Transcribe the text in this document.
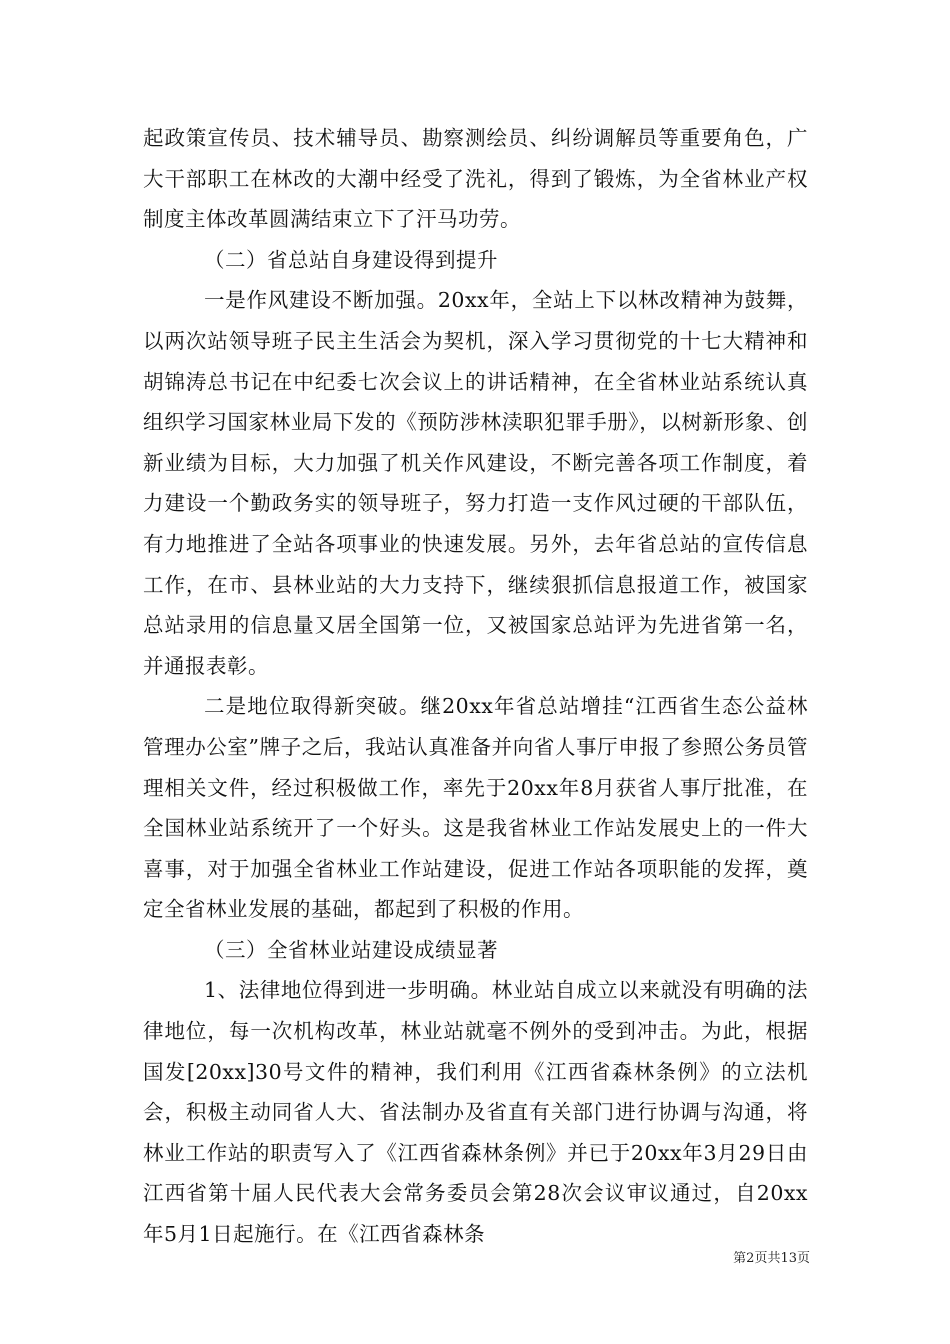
起政策宣传员、技术辅导员、勘察测绘员、纠纷调解员等重要角色，广大干部职工在林改的大潮中经受了洗礼，得到了锻炼，为全省林业产权制度主体改革圆满结束立下了汗马功劳。

（二）省总站自身建设得到提升

一是作风建设不断加强。20xx年，全站上下以林改精神为鼓舞，以两次站领导班子民主生活会为契机，深入学习贯彻党的十七大精神和胡锦涛总书记在中纪委七次会议上的讲话精神，在全省林业站系统认真组织学习国家林业局下发的《预防涉林渎职犯罪手册》，以树新形象、创新业绩为目标，大力加强了机关作风建设，不断完善各项工作制度，着力建设一个勤政务实的领导班子，努力打造一支作风过硬的干部队伍，有力地推进了全站各项事业的快速发展。另外，去年省总站的宣传信息工作，在市、县林业站的大力支持下，继续狠抓信息报道工作，被国家总站录用的信息量又居全国第一位，又被国家总站评为先进省第一名，并通报表彰。

二是地位取得新突破。继20xx年省总站增挂“江西省生态公益林管理办公室”牌子之后，我站认真准备并向省人事厅申报了参照公务员管理相关文件，经过积极做工作，率先于20xx年8月获省人事厅批准，在全国林业站系统开了一个好头。这是我省林业工作站发展史上的一件大喜事，对于加强全省林业工作站建设，促进工作站各项职能的发挥，奠定全省林业发展的基础，都起到了积极的作用。

（三）全省林业站建设成绩显著

1、法律地位得到进一步明确。林业站自成立以来就没有明确的法律地位，每一次机构改革，林业站就毫不例外的受到冲击。为此，根据国发[20xx]30号文件的精神，我们利用《江西省森林条例》的立法机会，积极主动同省人大、省法制办及省直有关部门进行协调与沟通，将林业工作站的职责写入了《江西省森林条例》并已于20xx年3月29日由江西省第十届人民代表大会常务委员会第28次会议审议通过，自20xx年5月1日起施行。在《江西省森林条

第2页共13页
